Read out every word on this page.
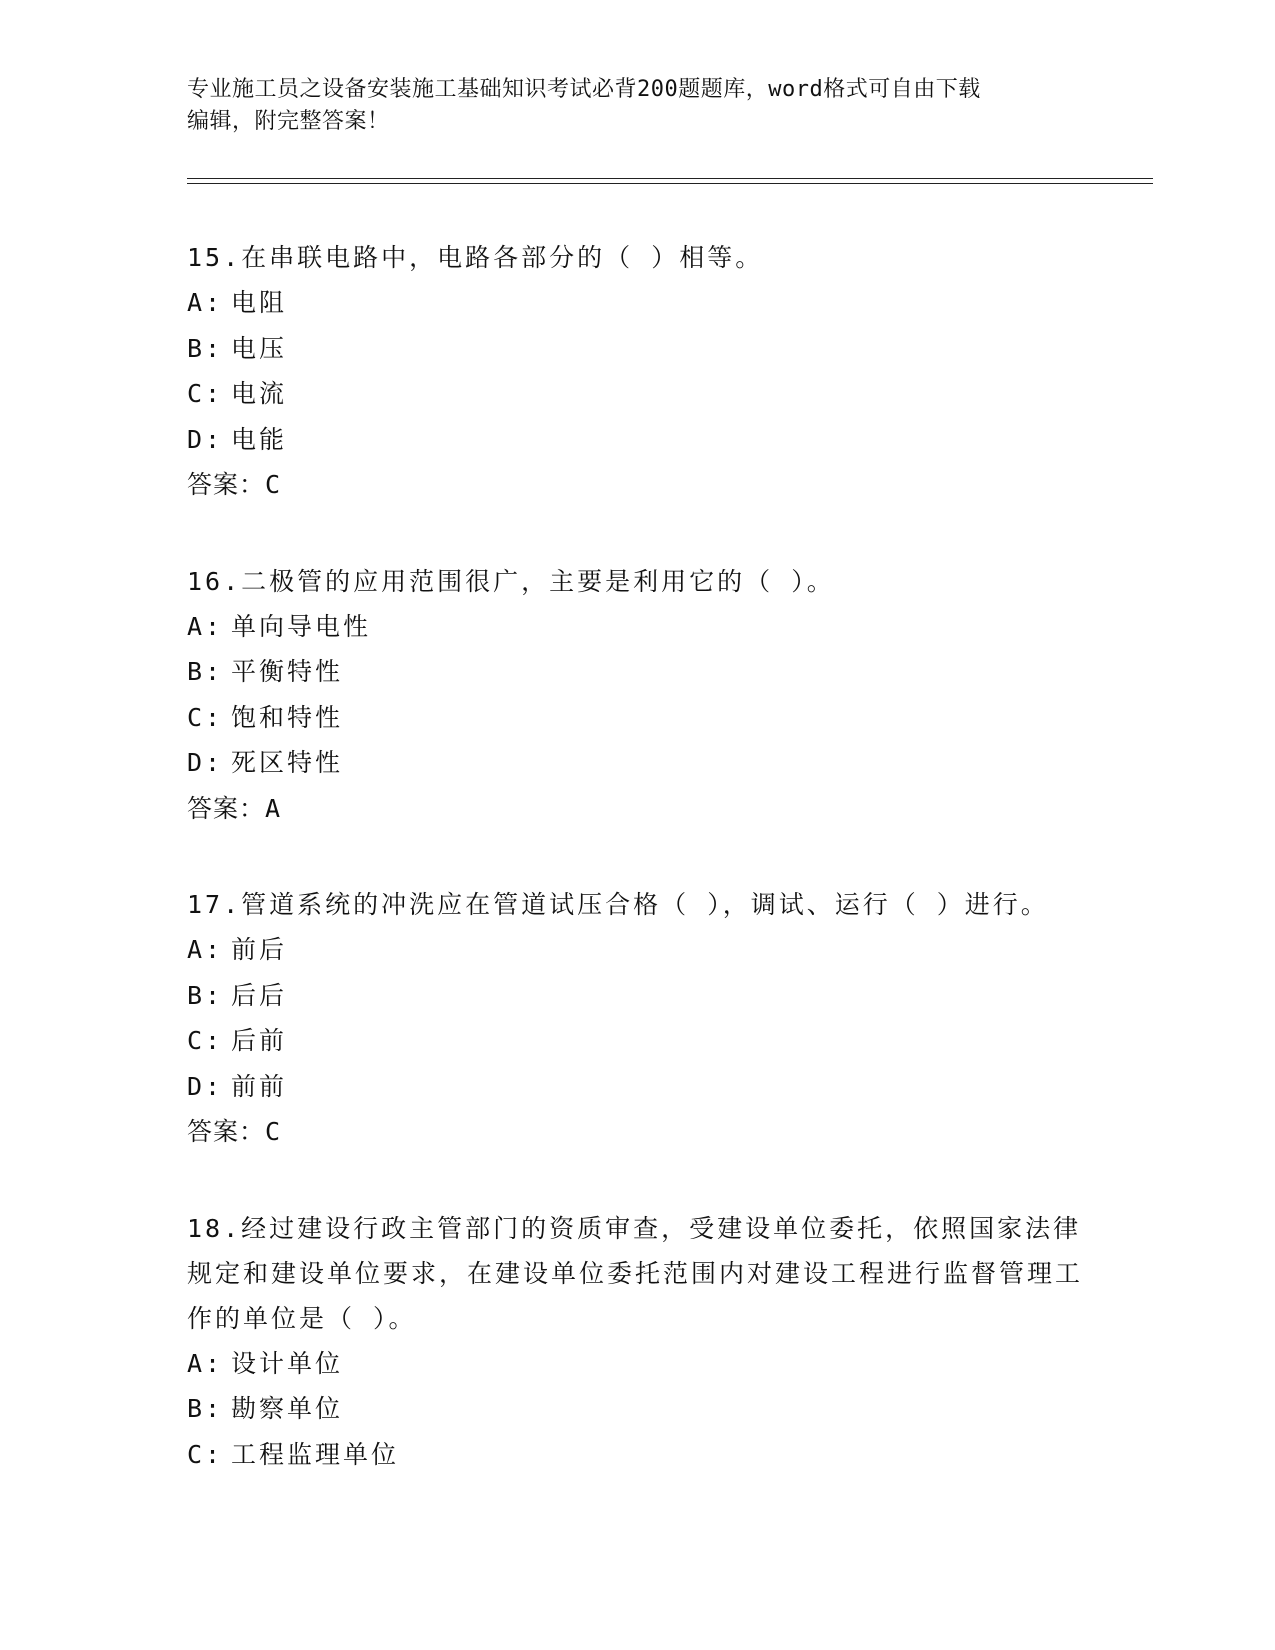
专业施工员之设备安装施工基础知识考试必背200题题库，word格式可自由下载
编辑，附完整答案！
15.在串联电路中，电路各部分的（ ）相等。
A: 电阻
B: 电压
C: 电流
D: 电能
答案：C
16.二极管的应用范围很广，主要是利用它的（ ）。
A: 单向导电性
B: 平衡特性
C: 饱和特性
D: 死区特性
答案：A
17.管道系统的冲洗应在管道试压合格（ ），调试、运行（ ）进行。
A: 前后
B: 后后
C: 后前
D: 前前
答案：C
18.经过建设行政主管部门的资质审查，受建设单位委托，依照国家法律规定和建设单位要求，在建设单位委托范围内对建设工程进行监督管理工作的单位是（ ）。
A: 设计单位
B: 勘察单位
C: 工程监理单位
